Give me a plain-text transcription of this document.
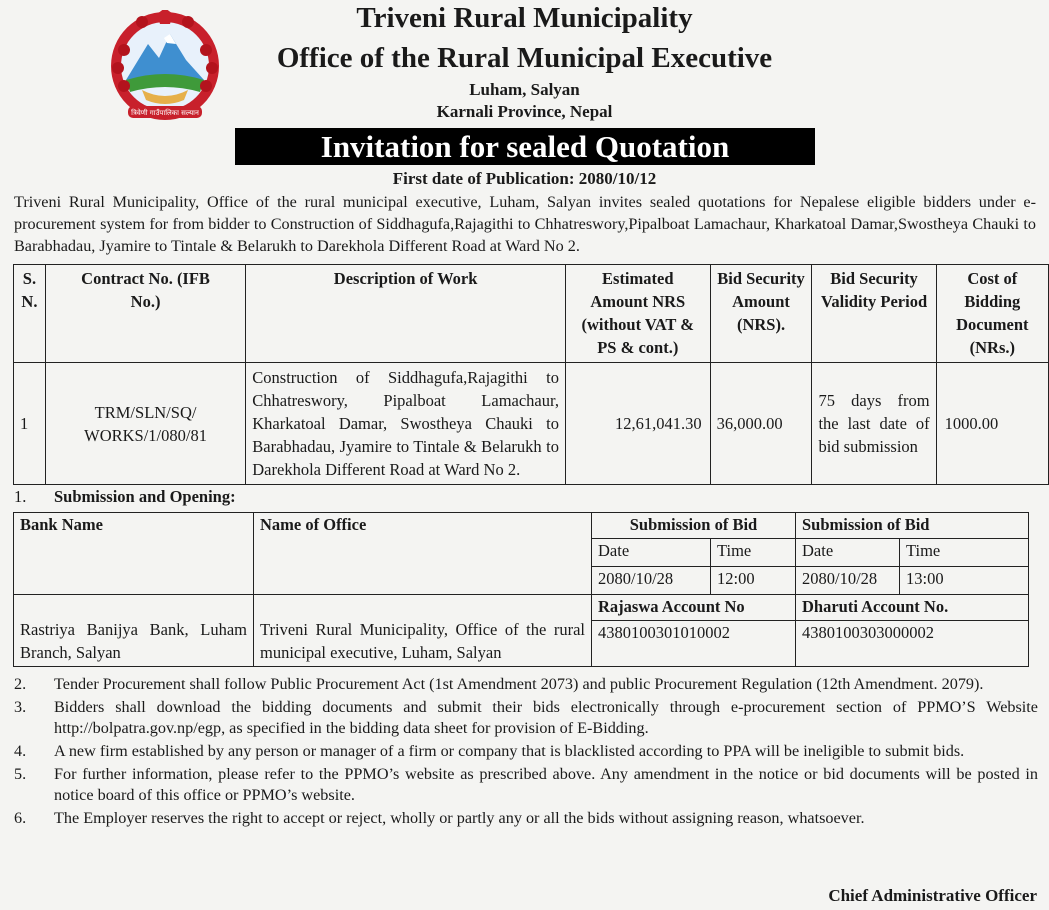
त्रिवेणी गाउँपालिका सल्यान
Triveni Rural Municipality
Office of the Rural Municipal Executive
Luham, Salyan
Karnali Province, Nepal
Invitation for sealed Quotation
First date of Publication: 2080/10/12
Triveni Rural Municipality, Office of the rural municipal executive, Luham, Salyan invites sealed quotations for Nepalese eligible bidders under e-procurement system for from bidder to Construction of Siddhagufa,Rajagithi to Chhatreswory,Pipalboat Lamachaur, Kharkatoal Damar,Swostheya Chauki to Barabhadau, Jyamire to Tintale & Belarukh to Darekhola Different Road at Ward No 2.
S. N.	Contract No. (IFB No.)	Description of Work	Estimated Amount NRS (without VAT & PS & cont.)	Bid Security Amount (NRS).	Bid Security Validity Period	Cost of Bidding Document (NRs.)
1	TRM/SLN/SQ/ WORKS/1/080/81	Construction of Siddhagufa,Rajagithi to Chhatreswory, Pipalboat Lamachaur, Kharkatoal Damar, Swostheya Chauki to Barabhadau, Jyamire to Tintale & Belarukh to Darekhola Different Road at Ward No 2.	12,61,041.30	36,000.00	75 days from the last date of bid submission	1000.00
1. Submission and Opening:
Bank Name	Name of Office	Submission of Bid		Submission of Bid	
		Date	Time	Date	Time
		2080/10/28	12:00	2080/10/28	13:00
Rastriya Banijya Bank, Luham Branch, Salyan	Triveni Rural Municipality, Office of the rural municipal executive, Luham, Salyan	Rajaswa Account No		Dharuti Account No.	
		4380100301010002		4380100303000002	
2.	Tender Procurement shall follow Public Procurement Act (1st Amendment 2073) and public Procurement Regulation (12th Amendment. 2079).
3.	Bidders shall download the bidding documents and submit their bids electronically through e-procurement section of PPMO’S Website http://bolpatra.gov.np/egp, as specified in the bidding data sheet for provision of E-Bidding.
4.	A new firm established by any person or manager of a firm or company that is blacklisted according to PPA will be ineligible to submit bids.
5.	For further information, please refer to the PPMO’s website as prescribed above. Any amendment in the notice or bid documents will be posted in notice board of this office or PPMO’s website.
6.	The Employer reserves the right to accept or reject, wholly or partly any or all the bids without assigning reason, whatsoever.
Chief Administrative Officer
